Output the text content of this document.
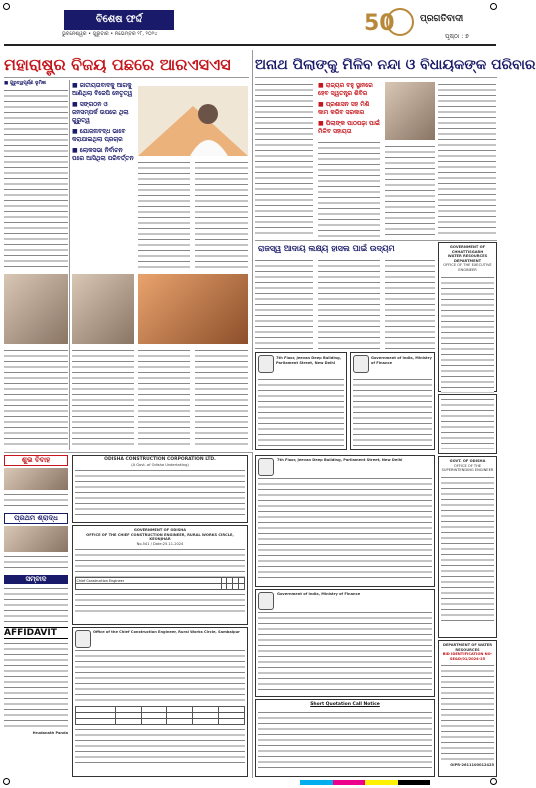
ବିଶେଷ ଫର୍ଦ୍ଦ
ଭୁବନେଶ୍ୱର • ଗୁରୁବାର • ନଭେମ୍ବର ୨୮, ୨୦୨୪	50	ପ୍ରଗତିବାଦୀ
ପୃଷ୍ଠା : ୭
ମହାରାଷ୍ଟ୍ର ବିଜୟ ପଛରେ ଆରଏସଏସ
■ ଗୁରୁତ୍ୱପୂର୍ଣ୍ଣ ଭୂମିକା	■ ଜାତୀୟତାବାଦକୁ ଆଗକୁ ଆଣିଥିଲା ବିଜେପି ନେତୃତ୍ୱ
■ ସଙ୍ଗଠନ ଓ ଜନସମ୍ପର୍କ ଉପରେ ଥିଲା ଗୁରୁତ୍ୱ
■ ଯୋଜନାବଦ୍ଧ ଭାବେ କରାଯାଇଥିଲା ପ୍ରଚାର
■ ଲୋକସଭା ନିର୍ବାଚନ ପରେ ଆସିଥିଲା ପରିବର୍ତ୍ତନ
ଅନାଥ ପିଲାଙ୍କୁ ମିଳିବ ନନ୍ଦା ଓ ବିଧାୟକଙ୍କ ପରିବାର
■ ରାଜ୍ୟର ବହୁ ସ୍ଥାନରେ ହେବ ସ୍ୱତନ୍ତ୍ର ଶିବିର
■ ପ୍ରଶାସନ ସହ ମିଶି କାମ କରିବ ସରକାର
■ ପିଲାଙ୍କ ପାଠପଢ଼ା ପାଇଁ ମିଳିବ ସହାୟତା
ରାଜସ୍ୱ ଆଦାୟ ଲକ୍ଷ୍ୟ ହାସଲ ପାଇଁ ଉଦ୍ୟମ	GOVERNMENT OF CHHATTISGARH
WATER RESOURCES DEPARTMENT
OFFICE OF THE EXECUTIVE ENGINEER
7th Floor, Jeevan Deep Building, Parliament Street, New Delhi
Government of India, Ministry of Finance
ଶୁଭ ବିବାହ
ପ୍ରଥମ ଶ୍ରାଦ୍ଧ
ସମ୍ବାଦ
AFFIDAVIT
Hrudanath Panda
ODISHA CONSTRUCTION CORPORATION LTD.
(A Govt. of Odisha Undertaking)
GOVERNMENT OF ODISHA
OFFICE OF THE CHIEF CONSTRUCTION ENGINEER, RURAL WORKS CIRCLE, KEONJHAR
No.541 / Date:25.11.2024
Chief Construction Engineer				

Office of the Chief Construction Engineer, Rural Works Circle, Sambalpur

7th Floor, Jeevan Deep Building, Parliament Street, New Delhi
Government of India, Ministry of Finance
Short Quotation Call Notice
GOVT. OF ODISHA
OFFICE OF THE SUPERINTENDING ENGINEER
DEPARTMENT OF WATER RESOURCES
BID IDENTIFICATION NO-SE&D/01/2024-25
OIPR-2611100012425
